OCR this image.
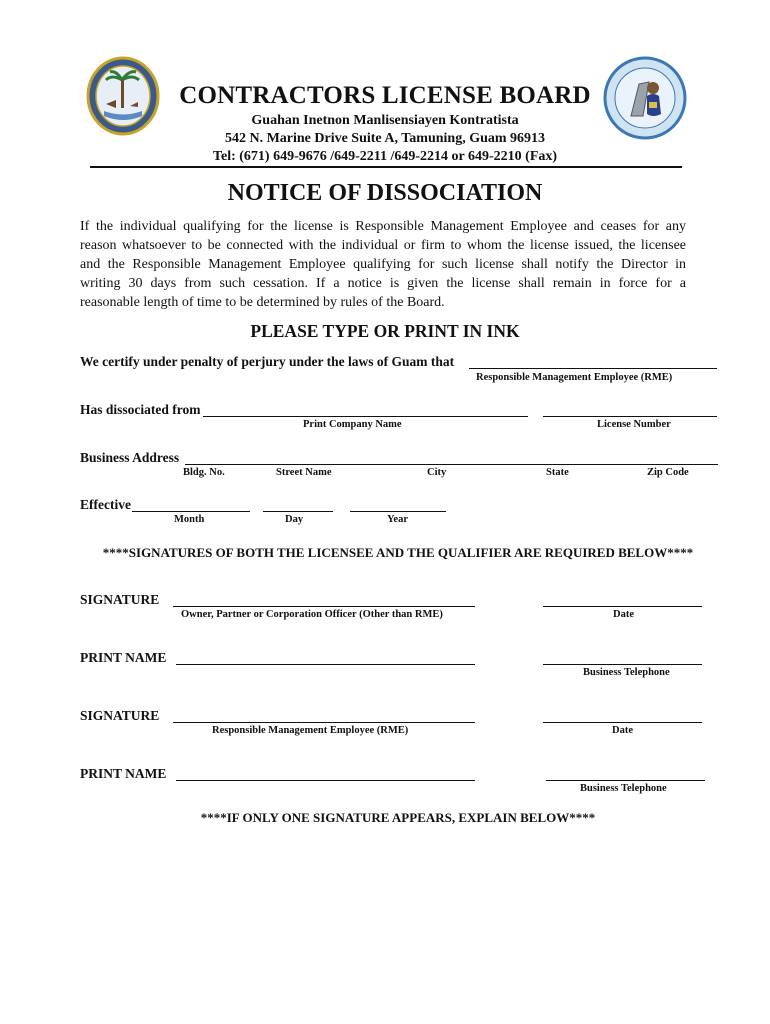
CONTRACTORS LICENSE BOARD
Guahan Inetnon Manlisensiayen Kontratista
542 N. Marine Drive Suite A, Tamuning, Guam 96913
Tel: (671) 649-9676 /649-2211 /649-2214 or 649-2210 (Fax)
NOTICE OF DISSOCIATION
If the individual qualifying for the license is Responsible Management Employee and ceases for any
reason whatsoever to be connected with the individual or firm to whom the license issued, the licensee
and the Responsible Management Employee qualifying for such license shall notify the Director in
writing 30 days from such cessation. If a notice is given the license shall remain in force for a
reasonable length of time to be determined by rules of the Board.
PLEASE TYPE OR PRINT IN INK
We certify under penalty of perjury under the laws of Guam that
Responsible Management Employee (RME)
Has dissociated from
Print Company Name	License Number
Business Address
Bldg. No.	Street Name	City	State	Zip Code
Effective
Month	Day	Year
****SIGNATURES OF BOTH THE LICENSEE AND THE QUALIFIER ARE REQUIRED BELOW****
SIGNATURE
Owner, Partner or Corporation Officer (Other than RME)	Date
PRINT NAME
Business Telephone
SIGNATURE
Responsible Management Employee (RME)	Date
PRINT NAME
Business Telephone
****IF ONLY ONE SIGNATURE APPEARS, EXPLAIN BELOW****
